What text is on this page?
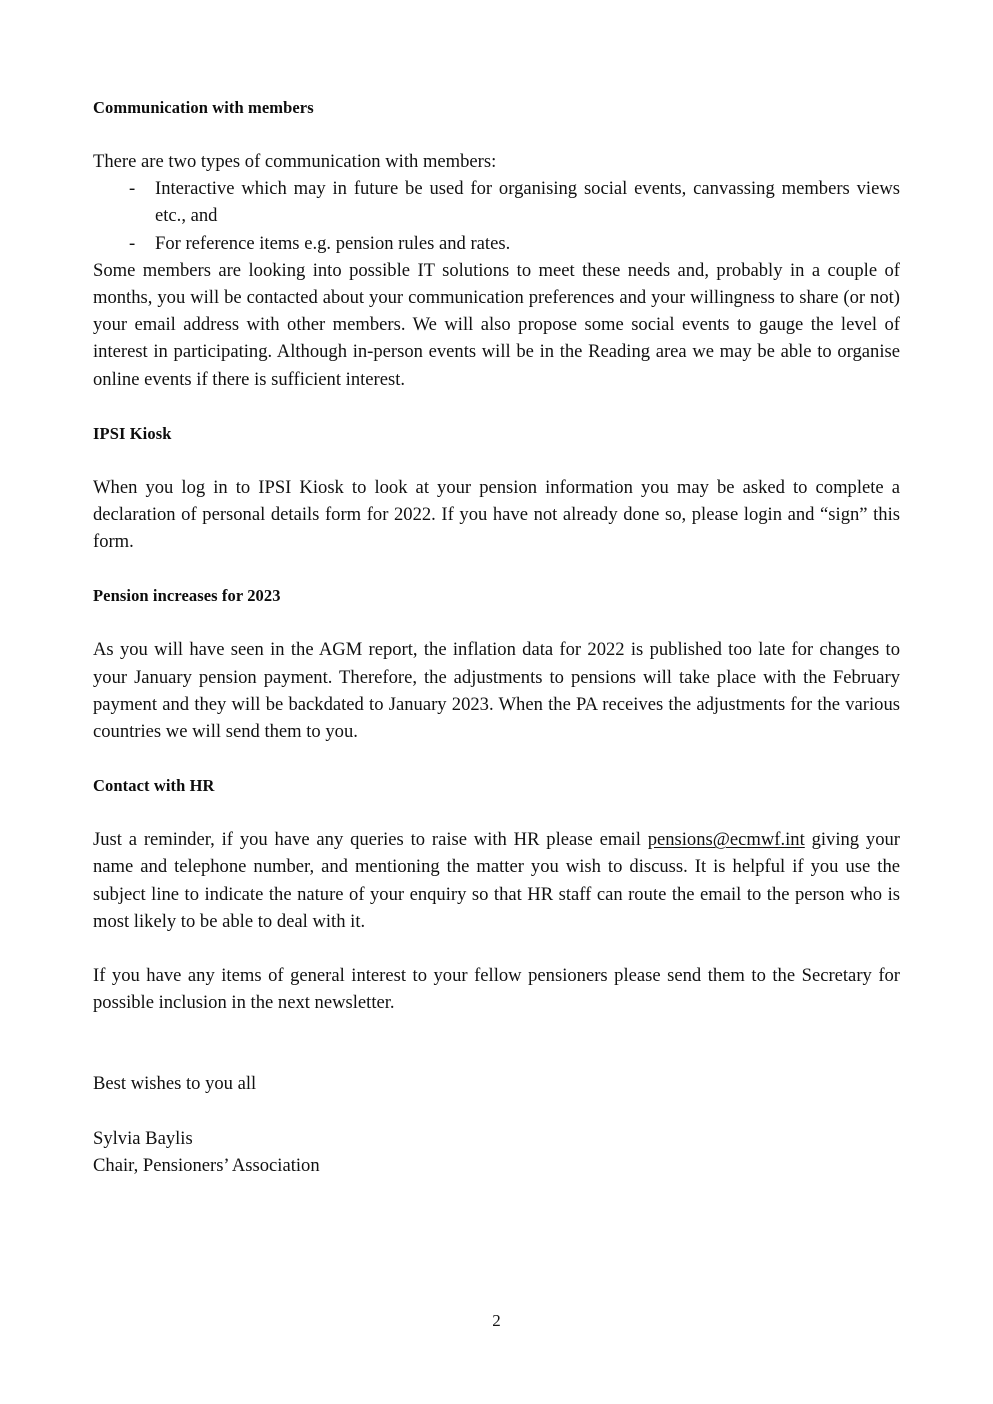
Communication with members

There are two types of communication with members:

- Interactive which may in future be used for organising social events, canvassing members views etc., and
- For reference items e.g. pension rules and rates.

Some members are looking into possible IT solutions to meet these needs and, probably in a couple of months, you will be contacted about your communication preferences and your willingness to share (or not) your email address with other members. We will also propose some social events to gauge the level of interest in participating. Although in-person events will be in the Reading area we may be able to organise online events if there is sufficient interest.

IPSI Kiosk

When you log in to IPSI Kiosk to look at your pension information you may be asked to complete a declaration of personal details form for 2022. If you have not already done so, please login and “sign” this form.

Pension increases for 2023

As you will have seen in the AGM report, the inflation data for 2022 is published too late for changes to your January pension payment. Therefore, the adjustments to pensions will take place with the February payment and they will be backdated to January 2023. When the PA receives the adjustments for the various countries we will send them to you.

Contact with HR

Just a reminder, if you have any queries to raise with HR please email pensions@ecmwf.int giving your name and telephone number, and mentioning the matter you wish to discuss. It is helpful if you use the subject line to indicate the nature of your enquiry so that HR staff can route the email to the person who is most likely to be able to deal with it.

If you have any items of general interest to your fellow pensioners please send them to the Secretary for possible inclusion in the next newsletter.

Best wishes to you all
Sylvia Baylis
Chair, Pensioners’ Association
2
